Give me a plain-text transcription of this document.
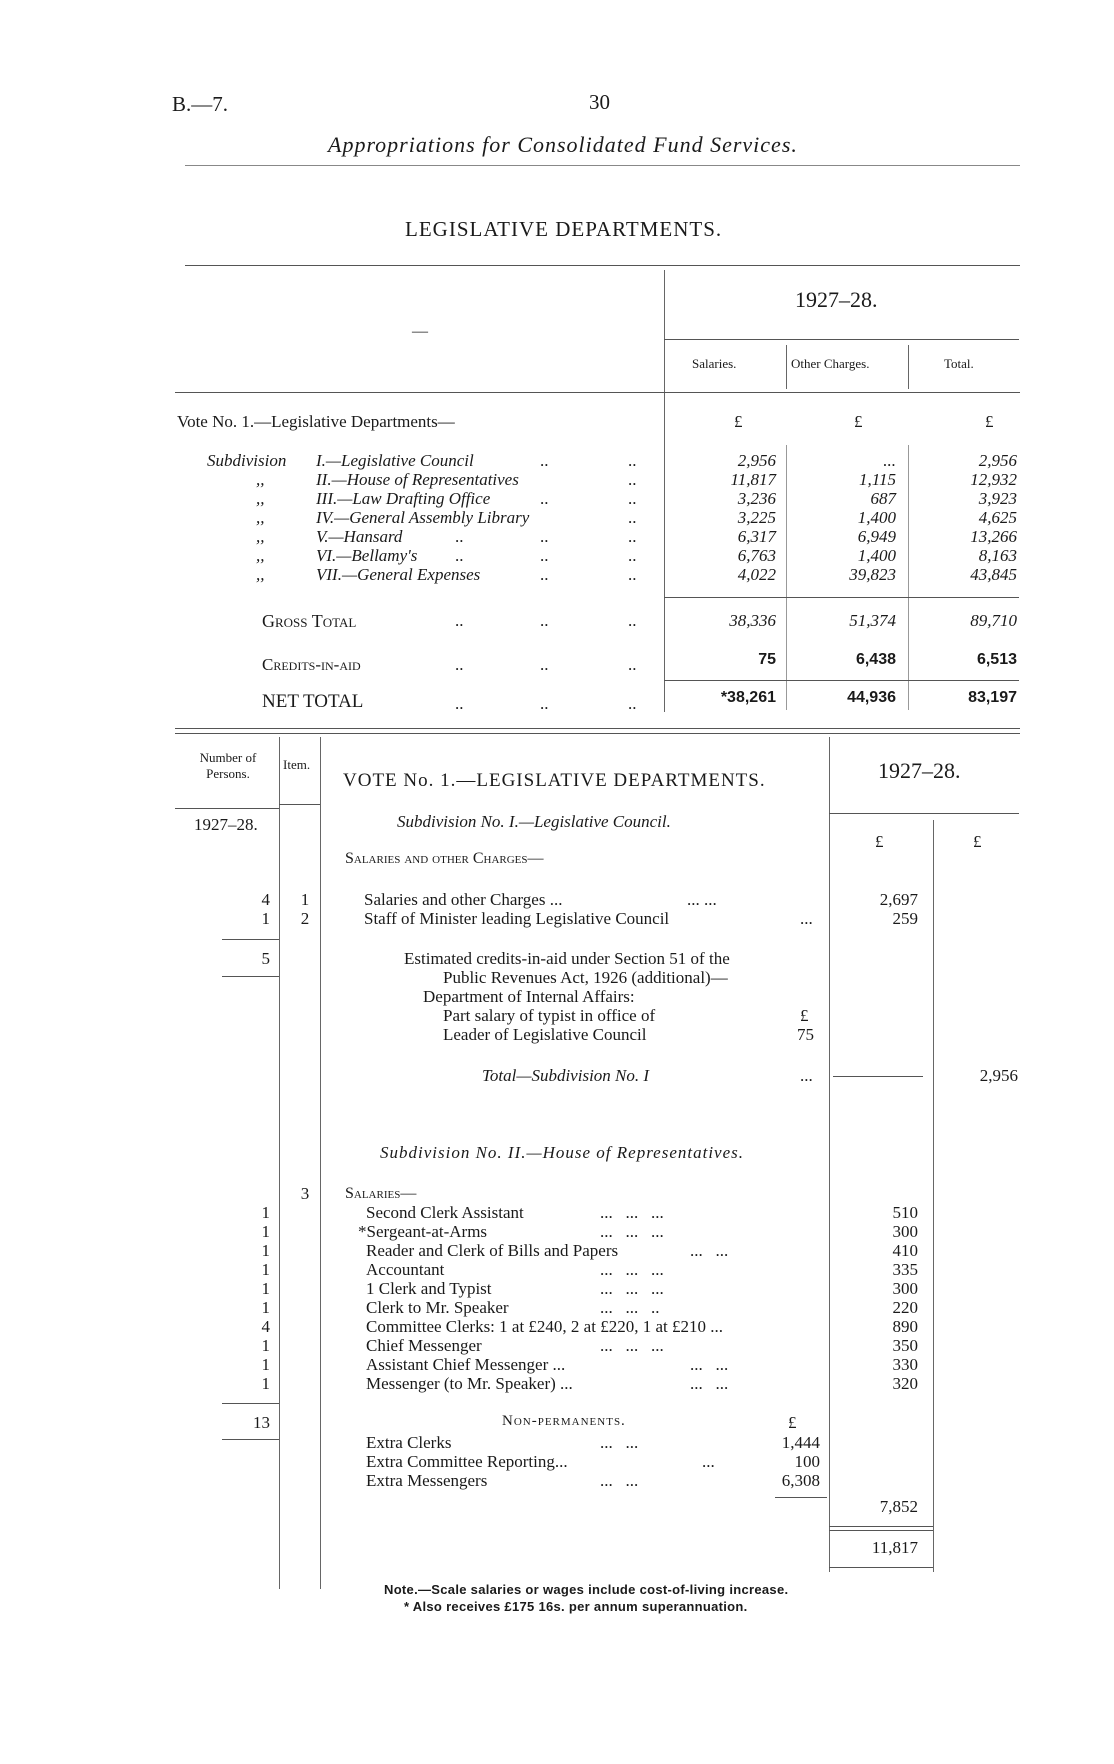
B.—7.	30
Appropriations for Consolidated Fund Services.
LEGISLATIVE DEPARTMENTS.
—
1927–28.
Salaries.	Other Charges.	Total.
Vote No. 1.—Legislative Departments—	£	£	£
Subdivision I.—Legislative Council	..	..	2,956	...	2,956
,,	II.—House of Representatives	..	11,817	1,115	12,932
,,	III.—Law Drafting Office	..	..	3,236	687	3,923
,,	IV.—General Assembly Library	..	3,225	1,400	4,625
,,	V.—Hansard	..	..	..	6,317	6,949	13,266
,,	VI.—Bellamy's ..	..	..	6,763	1,400	8,163
,,	VII.—General Expenses	..	..	4,022	39,823	43,845
Gross Total	..	..	..	38,336	51,374	89,710
Credits-in-aid	..	..	..	75	6,438	6,513
NET TOTAL	..	..	..	*38,261	44,936	83,197
Number of Persons.
Item.
VOTE No. 1.—LEGISLATIVE DEPARTMENTS.	1927–28.
1927–28.
£	£
Subdivision No. I.—Legislative Council.
Salaries and other Charges—
4	1	Salaries and other Charges ...	... ...	2,697
1	2	Staff of Minister leading Legislative Council	...	259
5	Estimated credits-in-aid under Section 51 of the
Public Revenues Act, 1926 (additional)—
Department of Internal Affairs:
Part salary of typist in office of
Leader of Legislative Council
£
75
Total—Subdivision No. I	...	2,956
Subdivision No. II.—House of Representatives.
3	Salaries—
1	Second Clerk Assistant	...   ...   ...	510
1	*Sergeant-at-Arms	...   ...   ...	300
1	Reader and Clerk of Bills and Papers	...   ...	410
1	Accountant	...   ...   ...	335
1	1 Clerk and Typist	...   ...   ...	300
1	Clerk to Mr. Speaker	...   ...   ..	220
4	Committee Clerks: 1 at £240, 2 at £220, 1 at £210 ...	890
1	Chief Messenger	...   ...   ...	350
1	Assistant Chief Messenger ...	...   ...	330
1	Messenger (to Mr. Speaker) ...	...   ...	320
13	Non-permanents.	£
Extra Clerks	...   ...	1,444
Extra Committee Reporting...	...	100
Extra Messengers	...   ...	6,308
7,852
11,817
Note.—Scale salaries or wages include cost-of-living increase.
* Also receives £175 16s. per annum superannuation.
